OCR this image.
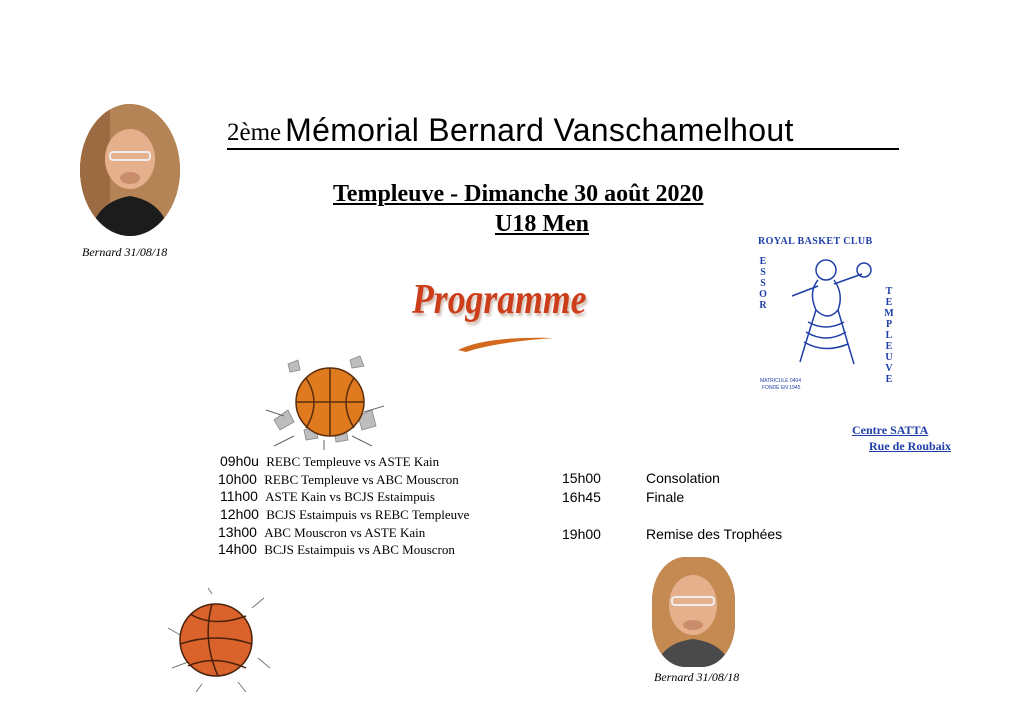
Bernard 31/08/18
2ème Mémorial Bernard Vanschamelhout
Templeuve - Dimanche 30 août 2020
U18 Men
Programme
ROYAL BASKET CLUB
ESSOR
TEMPLEUVE
MATRICULE 0404
FONDÉ EN 1945
Centre SATTA
Rue de Roubaix
09h0u REBC Templeuve vs ASTE Kain
10h00 REBC Templeuve vs ABC Mouscron
11h00 ASTE Kain vs BCJS Estaimpuis
12h00 BCJS Estaimpuis vs REBC Templeuve
13h00 ABC Mouscron vs ASTE Kain
14h00 BCJS Estaimpuis vs ABC Mouscron
15h00	Consolation
16h45	Finale
19h00	Remise des Trophées
Bernard 31/08/18
